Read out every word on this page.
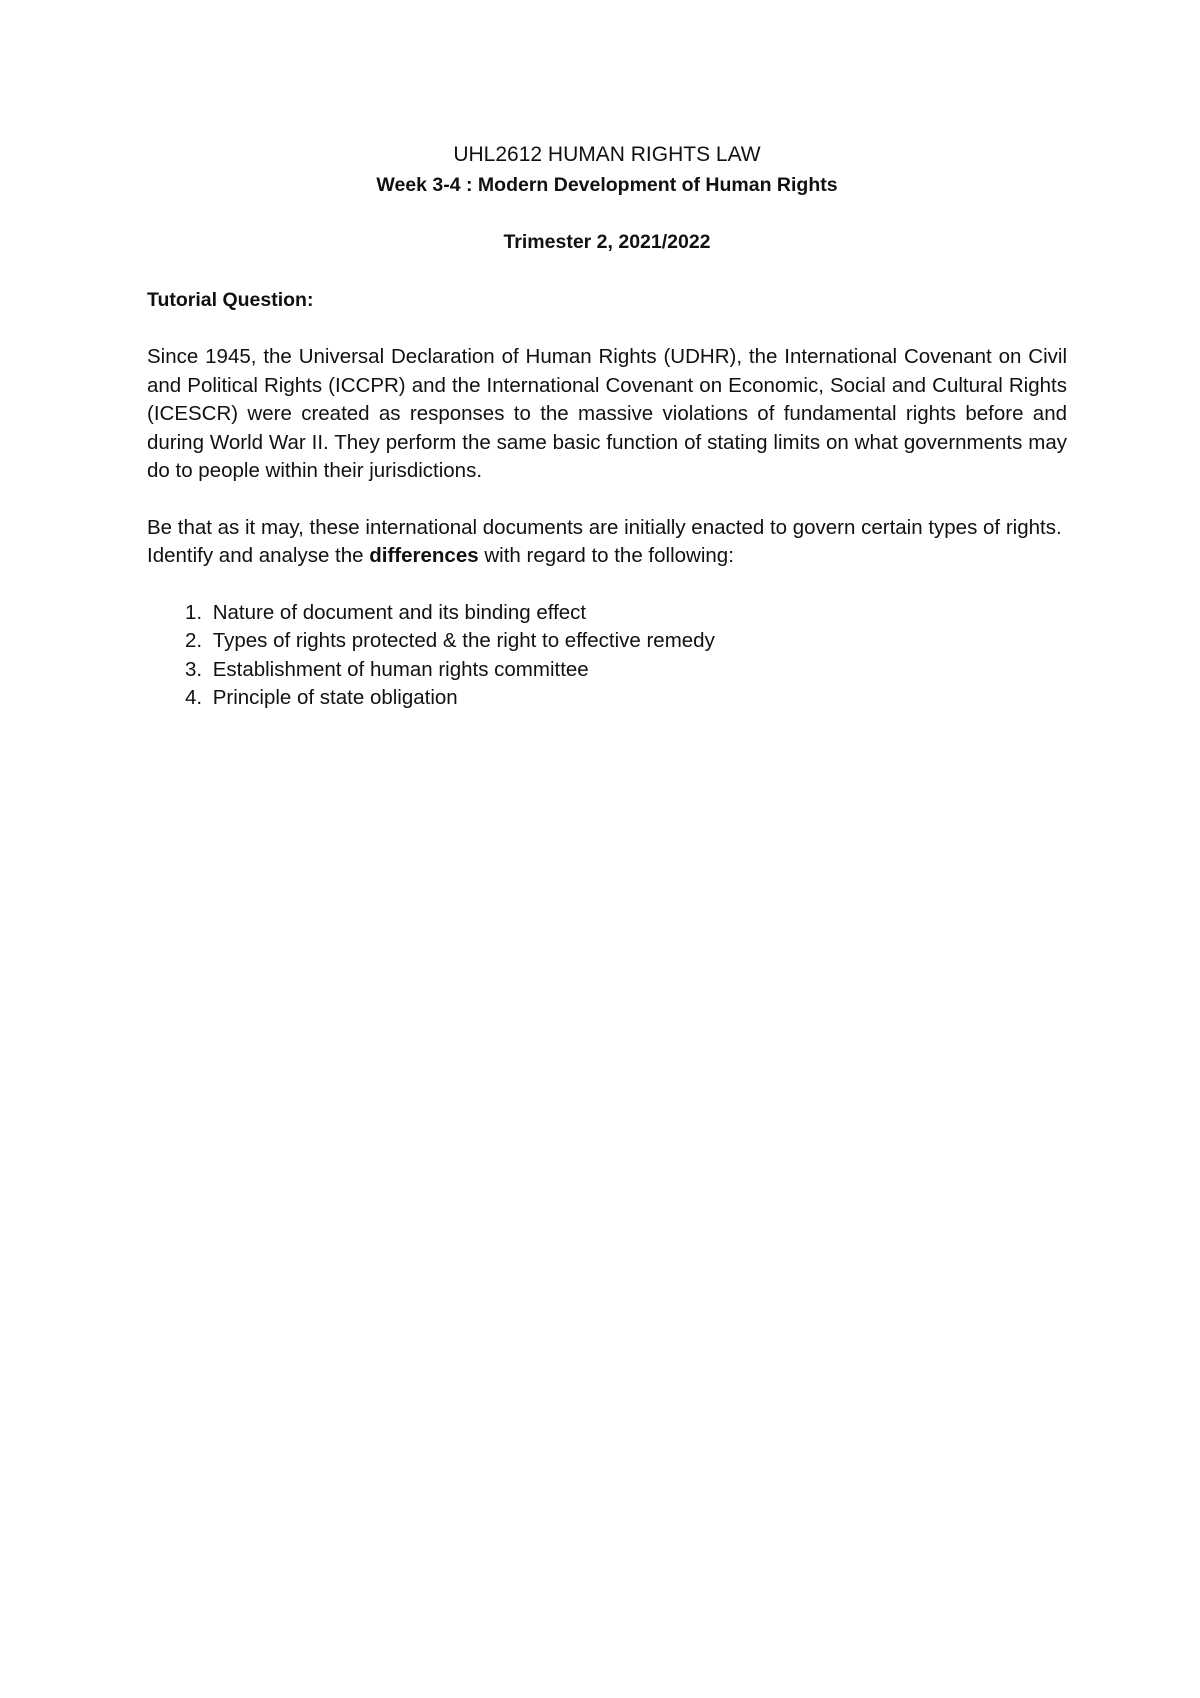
UHL2612 HUMAN RIGHTS LAW

Week 3-4 : Modern Development of Human Rights

Trimester 2, 2021/2022

Tutorial Question:

Since 1945, the Universal Declaration of Human Rights (UDHR), the International Covenant on Civil and Political Rights (ICCPR) and the International Covenant on Economic, Social and Cultural Rights (ICESCR) were created as responses to the massive violations of fundamental rights before and during World War II. They perform the same basic function of stating limits on what governments may do to people within their jurisdictions.

Be that as it may, these international documents are initially enacted to govern certain types of rights. Identify and analyse the differences with regard to the following:

1.
Nature of document and its binding effect
2.
Types of rights protected & the right to effective remedy
3.
Establishment of human rights committee
4.
Principle of state obligation
